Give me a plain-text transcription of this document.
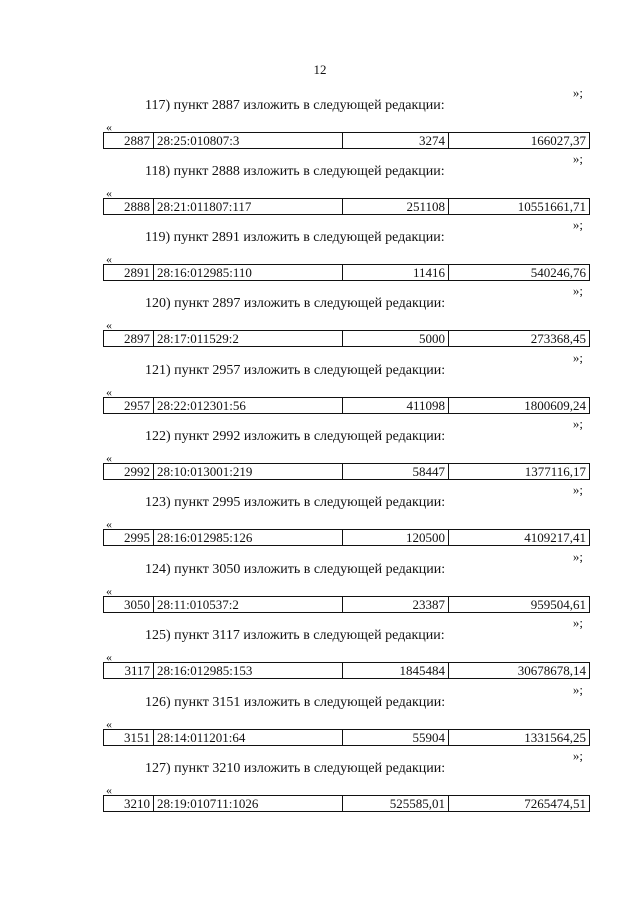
12
»;
117) пункт 2887 изложить в следующей редакции:
«
2887 28:25:010807:3	3274	166027,37
»;
118) пункт 2888 изложить в следующей редакции:
«
2888 28:21:011807:117	251108	10551661,71
»;
119) пункт 2891 изложить в следующей редакции:
«
2891 28:16:012985:110	11416	540246,76
»;
120) пункт 2897 изложить в следующей редакции:
«
2897 28:17:011529:2	5000	273368,45
»;
121) пункт 2957 изложить в следующей редакции:
«
2957 28:22:012301:56	411098	1800609,24
»;
122) пункт 2992 изложить в следующей редакции:
«
2992 28:10:013001:219	58447	1377116,17
»;
123) пункт 2995 изложить в следующей редакции:
«
2995 28:16:012985:126	120500	4109217,41
»;
124) пункт 3050 изложить в следующей редакции:
«
3050 28:11:010537:2	23387	959504,61
»;
125) пункт 3117 изложить в следующей редакции:
«
3117 28:16:012985:153	1845484	30678678,14
»;
126) пункт 3151 изложить в следующей редакции:
«
3151 28:14:011201:64	55904	1331564,25
»;
127) пункт 3210 изложить в следующей редакции:
«
3210 28:19:010711:1026	525585,01	7265474,51
